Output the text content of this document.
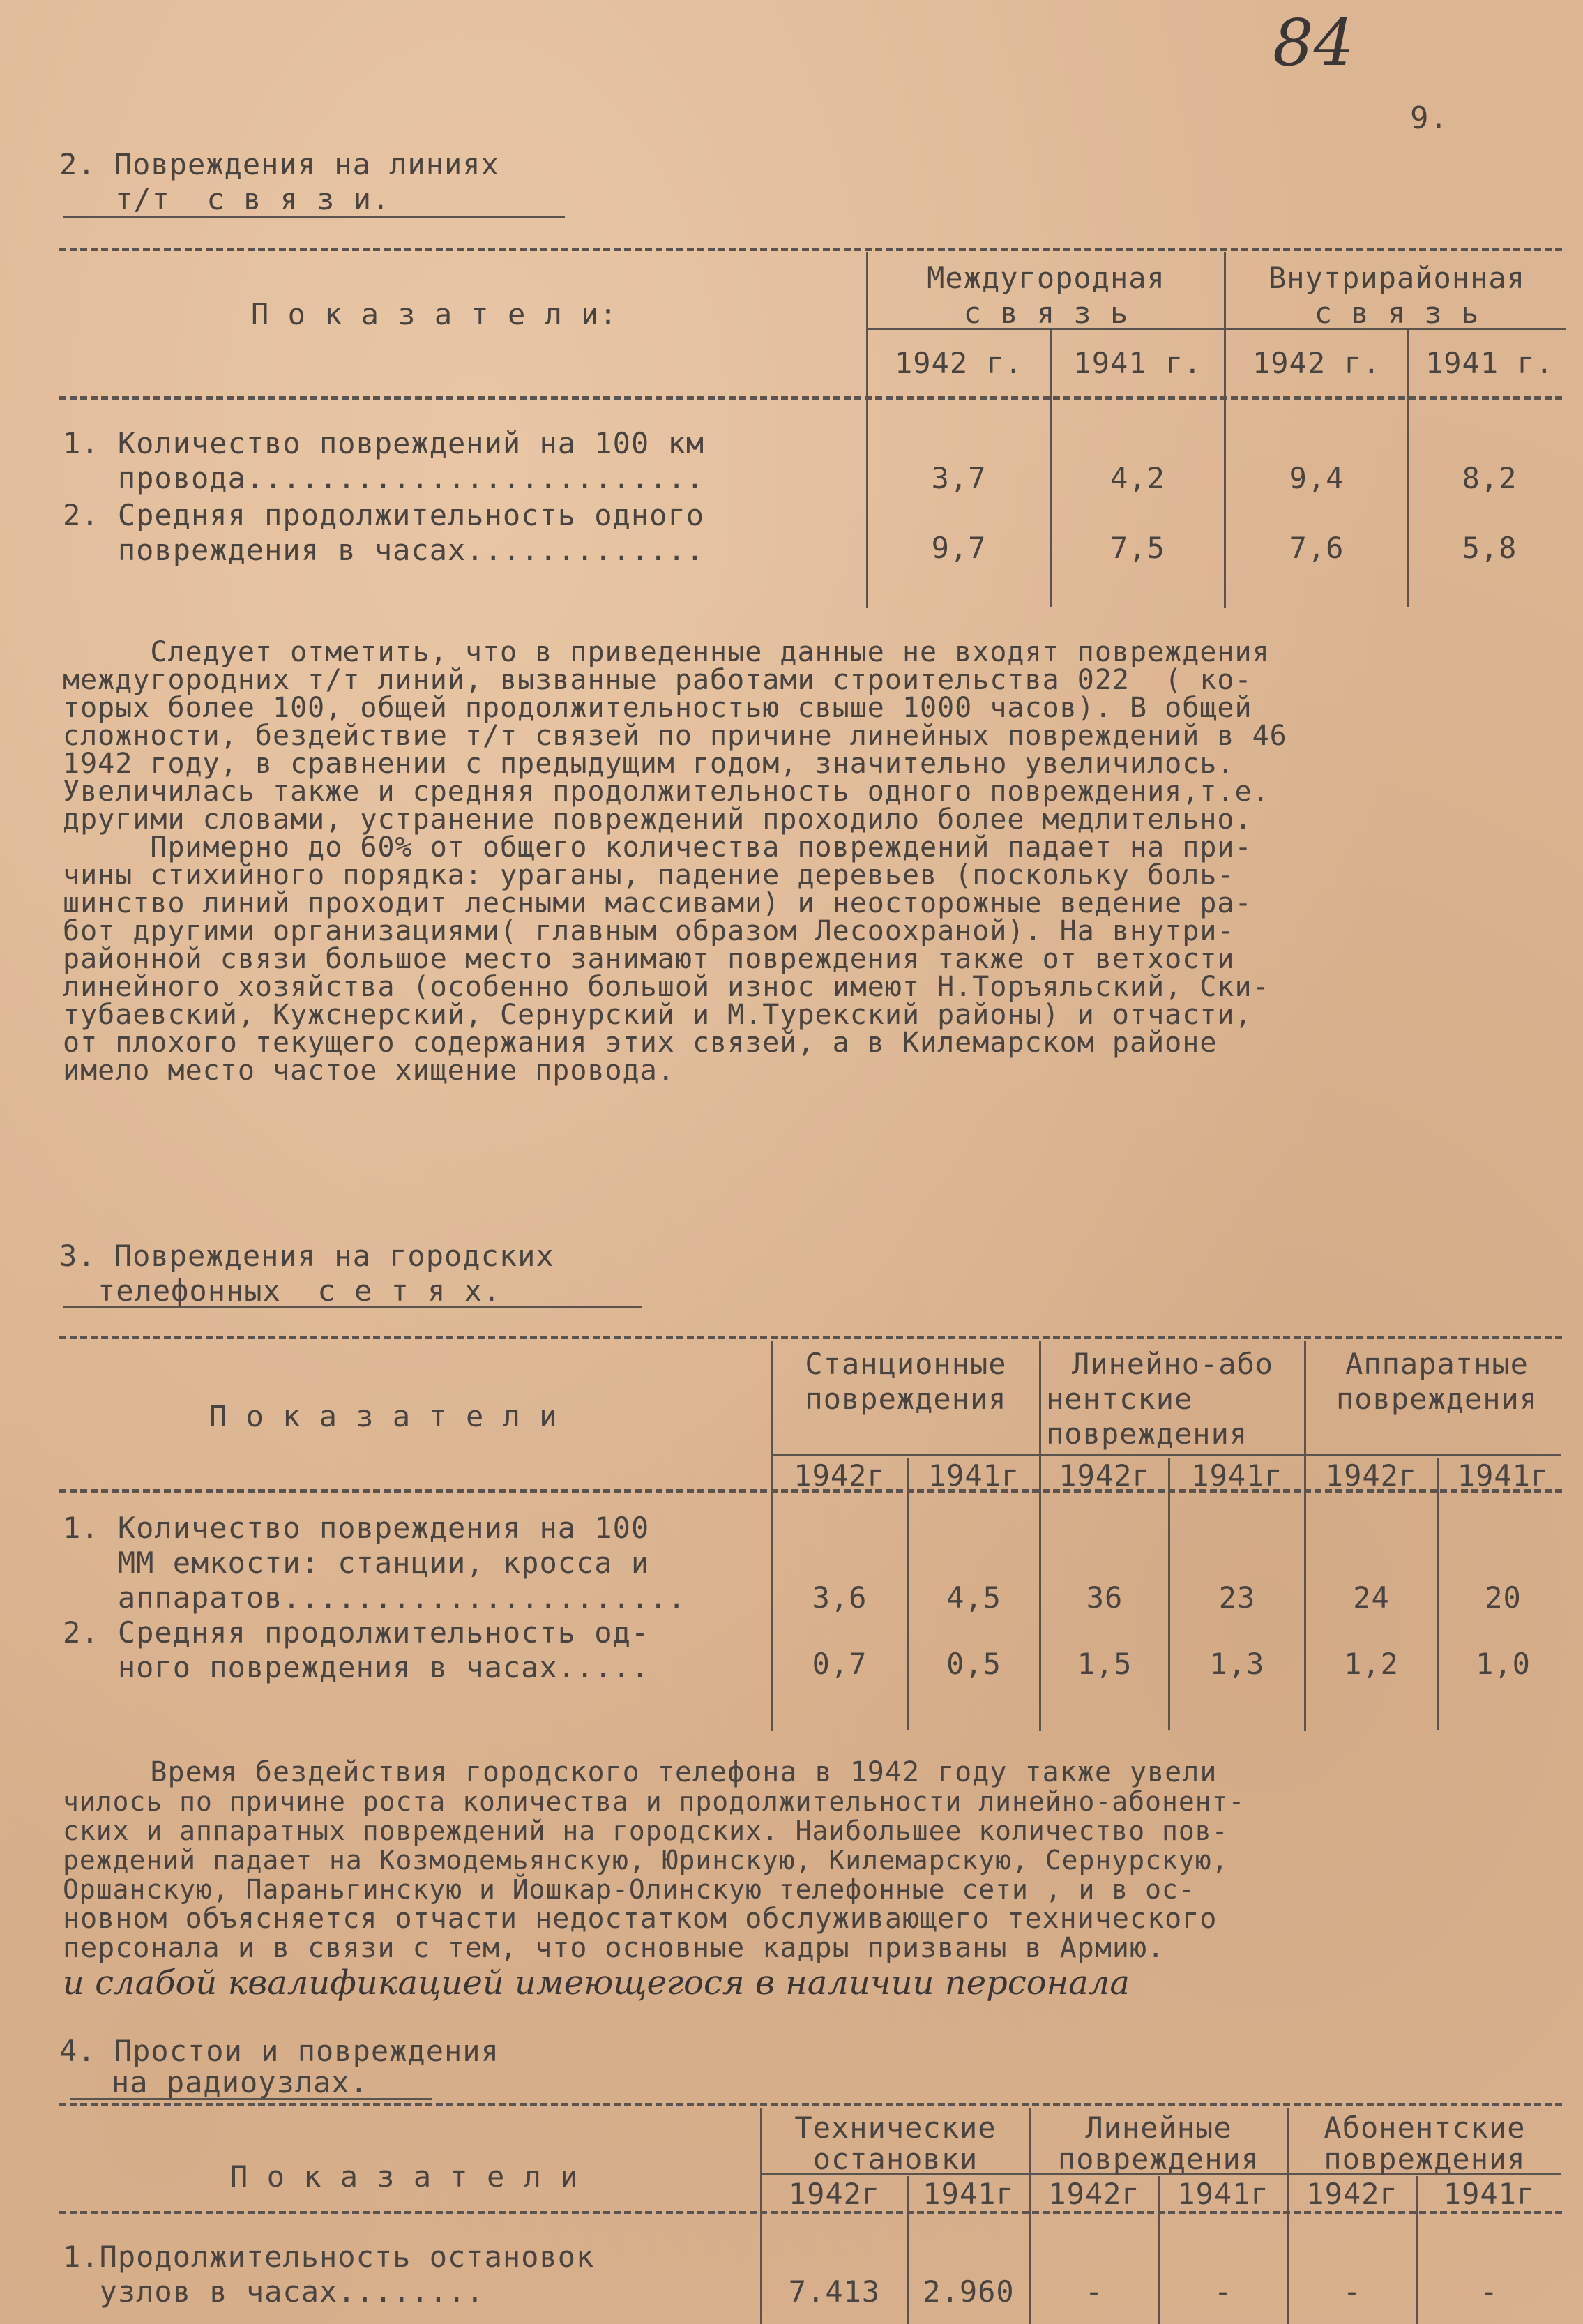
84
9.
2. Повреждения на линиях
т/т  с в я з и.
П о к а з а т е л и:
Междугородная
с в я з ь
Внутрирайонная
с в я з ь
1942 г.	1941 г.	1942 г.	1941 г.
1. Количество повреждений на 100 км
провода.........................	3,7	4,2	9,4	8,2
2. Средняя продолжительность одного
повреждения в часах.............	9,7	7,5	7,6	5,8
Следует отметить, что в приведенные данные не входят повреждения
междугородних т/т линий, вызванные работами строительства 022  ( ко-
торых более 100, общей продолжительностью свыше 1000 часов). В общей
сложности, бездействие т/т связей по причине линейных повреждений в 46
1942 году, в сравнении с предыдущим годом, значительно увеличилось.
Увеличилась также и средняя продолжительность одного повреждения,т.е.
другими словами, устранение повреждений проходило более медлительно.
Примерно до 60% от общего количества повреждений падает на при-
чины стихийного порядка: ураганы, падение деревьев (поскольку боль-
шинство линий проходит лесными массивами) и неосторожные ведение ра-
бот другими организациями( главным образом Лесоохраной). На внутри-
районной связи большое место занимают повреждения также от ветхости
линейного хозяйства (особенно большой износ имеют Н.Торъяльский, Ски-
тубаевский, Кужснерский, Сернурский и М.Турекский районы) и отчасти,
от плохого текущего содержания этих связей, а в Килемарском районе
имело место частое хищение провода.
3. Повреждения на городских
телефонных  с е т я х.
П о к а з а т е л и
Станционные
повреждения
Линейно-або
нентские
повреждения
Аппаратные
повреждения
1942г	1941г	1942г	1941г	1942г	1941г
1. Количество повреждения на 100
ММ емкости: станции, кросса и
аппаратов......................	3,6	4,5	36	23	24	20
2. Средняя продолжительность од-
ного повреждения в часах.....	0,7	0,5	1,5	1,3	1,2	1,0
Время бездействия городского телефона в 1942 году также увели
чилось по причине роста количества и продолжительности линейно-абонент-
ских и аппаратных повреждений на городских. Наибольшее количество пов-
реждений падает на Козмодемьянскую, Юринскую, Килемарскую, Сернурскую,
Оршанскую, Параньгинскую и Йошкар-Олинскую телефонные сети , и в ос-
новном объясняется отчасти недостатком обслуживающего технического
персонала и в связи с тем, что основные кадры призваны в Армию.
и слабой квалификацией имеющегося в наличии персонала
4. Простои и повреждения
на радиоузлах.
П о к а з а т е л и
Технические
остановки
Линейные
повреждения
Абонентские
повреждения
1942г	1941г	1942г	1941г	1942г	1941г
1.Продолжительность остановок
узлов в часах........	7.413	2.960	-	-	-	-
